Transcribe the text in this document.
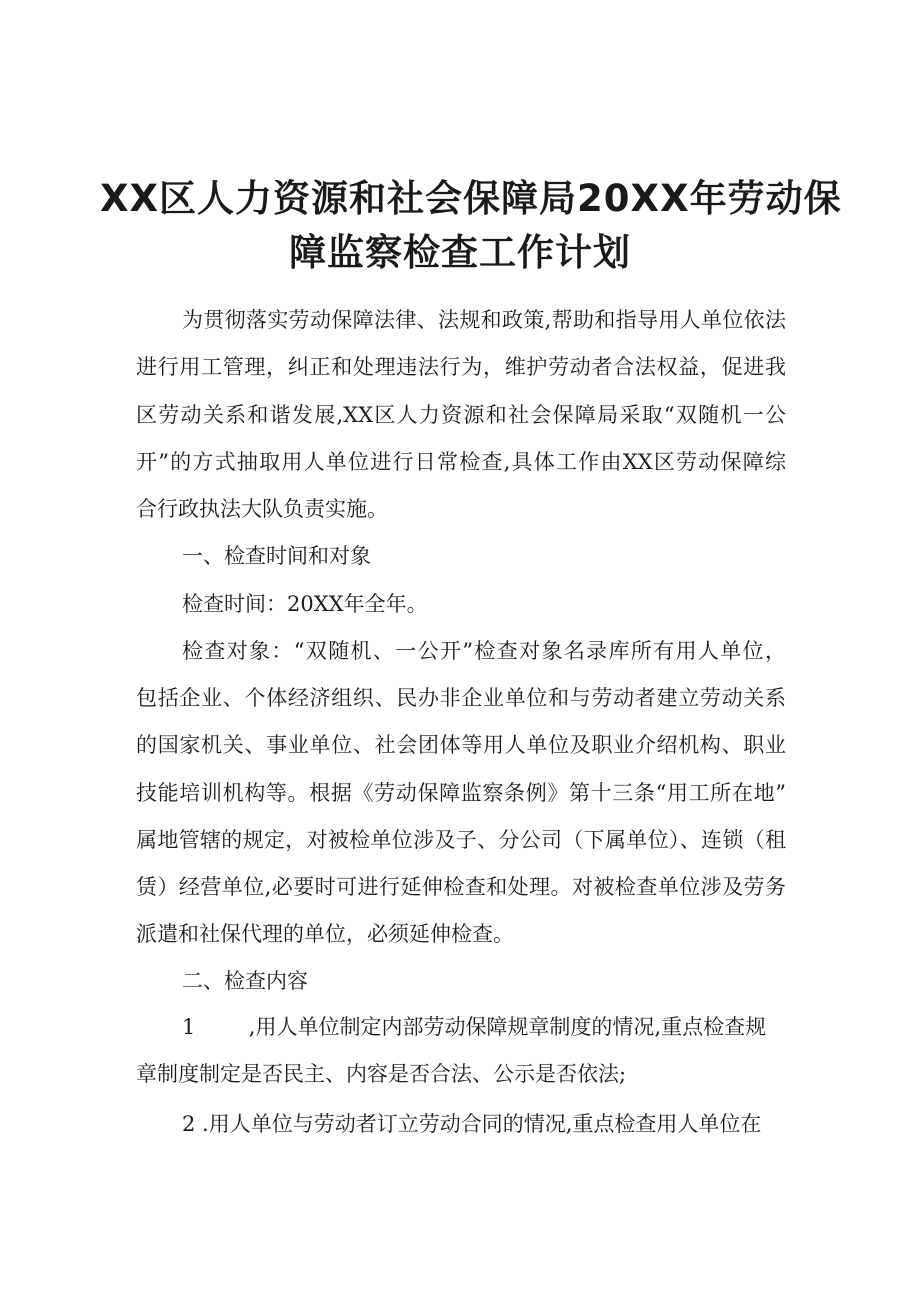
XX区人力资源和社会保障局20XX年劳动保
障监察检查工作计划

为贯彻落实劳动保障法律、法规和政策,帮助和指导用人单位依法

进行用工管理，纠正和处理违法行为，维护劳动者合法权益，促进我

区劳动关系和谐发展,XX区人力资源和社会保障局采取“双随机一公

开”的方式抽取用人单位进行日常检查,具体工作由XX区劳动保障综

合行政执法大队负责实施。

一、检查时间和对象

检查时间：20XX年全年。

检查对象：“双随机、一公开”检查对象名录库所有用人单位，

包括企业、个体经济组织、民办非企业单位和与劳动者建立劳动关系

的国家机关、事业单位、社会团体等用人单位及职业介绍机构、职业

技能培训机构等。根据《劳动保障监察条例》第十三条“用工所在地”

属地管辖的规定，对被检单位涉及子、分公司（下属单位）、连锁（租

赁）经营单位,必要时可进行延伸检查和处理。对被检查单位涉及劳务

派遣和社保代理的单位，必须延伸检查。

二、检查内容

1        ,用人单位制定内部劳动保障规章制度的情况,重点检查规

章制度制定是否民主、内容是否合法、公示是否依法;

2 .用人单位与劳动者订立劳动合同的情况,重点检查用人单位在
